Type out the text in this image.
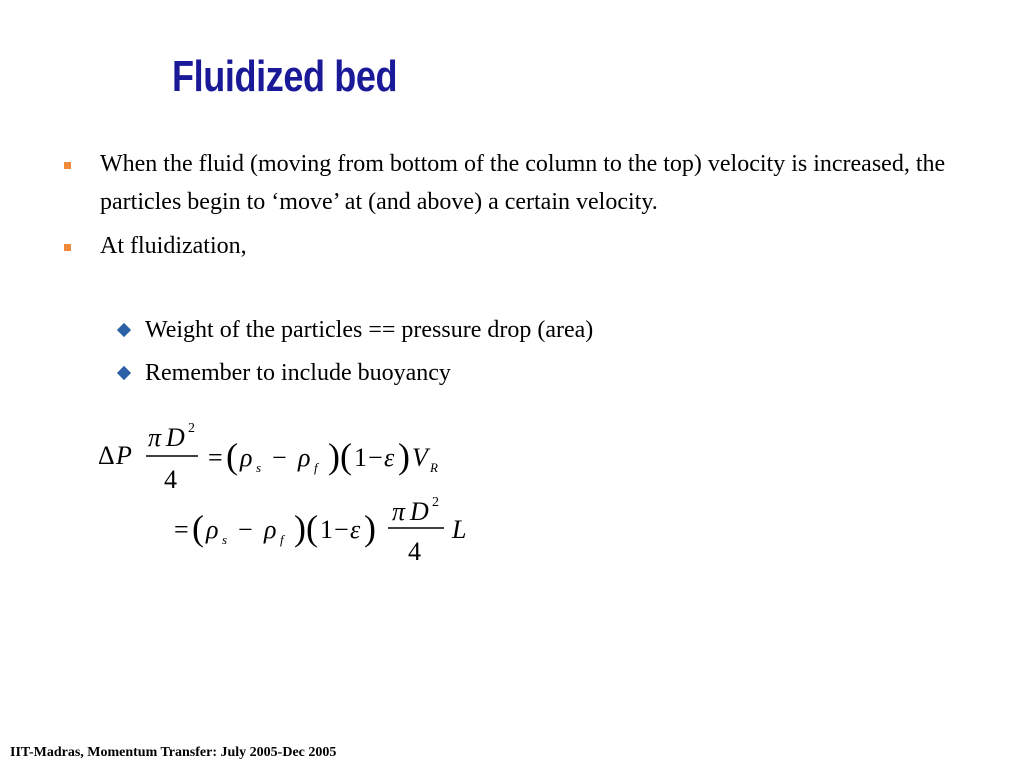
Fluidized bed
When the fluid (moving from bottom of the column to the top) velocity is increased, the particles begin to ‘move’ at (and above) a certain velocity.
At fluidization,
Weight of the particles == pressure drop (area)
Remember to include buoyancy
Δ P
π D 2
4
= ( ρ s − ρ f ) ( 1 − ε ) V R
= ( ρ s − ρ f ) ( 1 − ε ) π D 2
4
L
IIT-Madras, Momentum Transfer: July 2005-Dec 2005
